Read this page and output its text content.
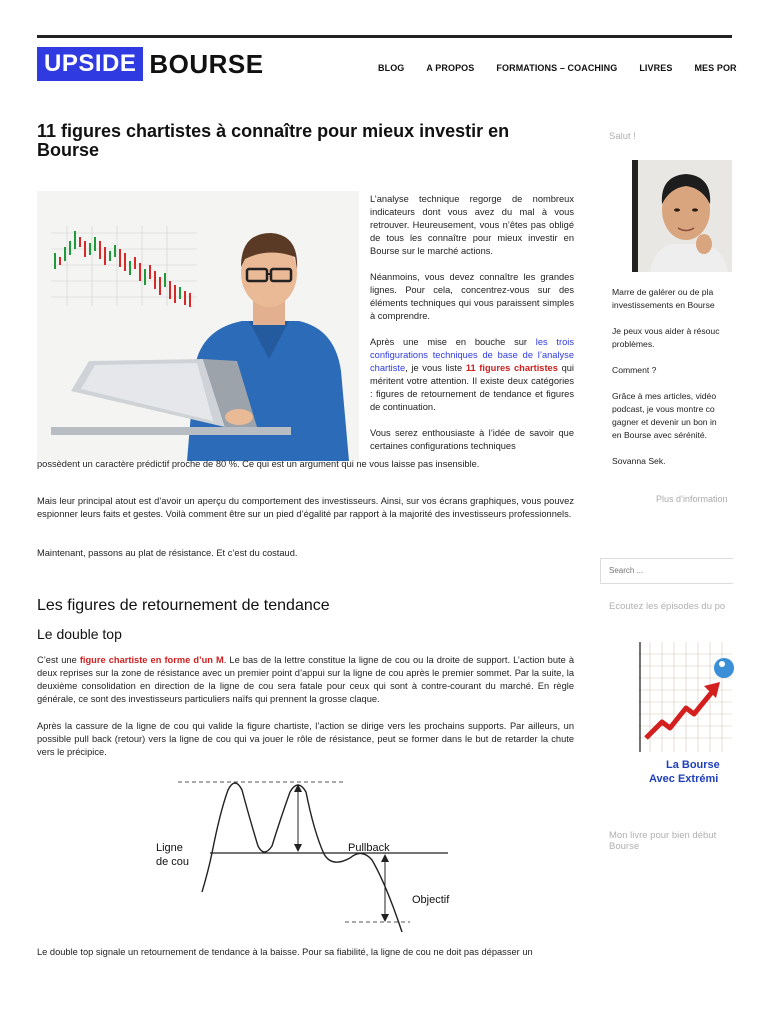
UPSIDE BOURSE	BLOG A PROPOS FORMATIONS – COACHING LIVRES MES POR
11 figures chartistes à connaître pour mieux investir en Bourse

L’analyse technique regorge de nombreux indicateurs dont vous avez du mal à vous retrouver. Heureusement, vous n’êtes pas obligé de tous les connaître pour mieux investir en Bourse sur le marché actions.

Néanmoins, vous devez connaître les grandes lignes. Pour cela, concentrez-vous sur des éléments techniques qui vous paraissent simples à comprendre.

Après une mise en bouche sur les trois configurations techniques de base de l’analyse chartiste, je vous liste 11 figures chartistes qui méritent votre attention. Il existe deux catégories : figures de retournement de tendance et figures de continuation.

Vous serez enthousiaste à l’idée de savoir que certaines configurations techniques

possèdent un caractère prédictif proche de 80 %. Ce qui est un argument qui ne vous laisse pas insensible.

Mais leur principal atout est d’avoir un aperçu du comportement des investisseurs. Ainsi, sur vos écrans graphiques, vous pouvez espionner leurs faits et gestes. Voilà comment être sur un pied d’égalité par rapport à la majorité des investisseurs professionnels.

Maintenant, passons au plat de résistance. Et c’est du costaud.

Les figures de retournement de tendance
Le double top

C’est une figure chartiste en forme d’un M. Le bas de la lettre constitue la ligne de cou ou la droite de support. L’action bute à deux reprises sur la zone de résistance avec un premier point d’appui sur la ligne de cou après le premier sommet. Par la suite, la deuxième consolidation en direction de la ligne de cou sera fatale pour ceux qui sont à contre-courant du marché. En règle générale, ce sont des investisseurs particuliers naïfs qui prennent la grosse claque.

Après la cassure de la ligne de cou qui valide la figure chartiste, l’action se dirige vers les prochains supports. Par ailleurs, un possible pull back (retour) vers la ligne de cou qui va jouer le rôle de résistance, peut se former dans le but de retarder la chute vers le précipice.

Ligne
de cou
Pullback
Objectif

Le double top signale un retournement de tendance à la baisse. Pour sa fiabilité, la ligne de cou ne doit pas dépasser un

Salut !

Marre de galérer ou de pla

investissements en Bourse

Je peux vous aider à résouc

problèmes.

Comment ?

Grâce à mes articles, vidéo

podcast, je vous montre co

gagner et devenir un bon in

en Bourse avec sérénité.

Sovanna Sek.

Plus d’information
Search ...
Ecoutez les épisodes du po
La Bourse
Avec Extrémi
Mon livre pour bien début
Bourse
